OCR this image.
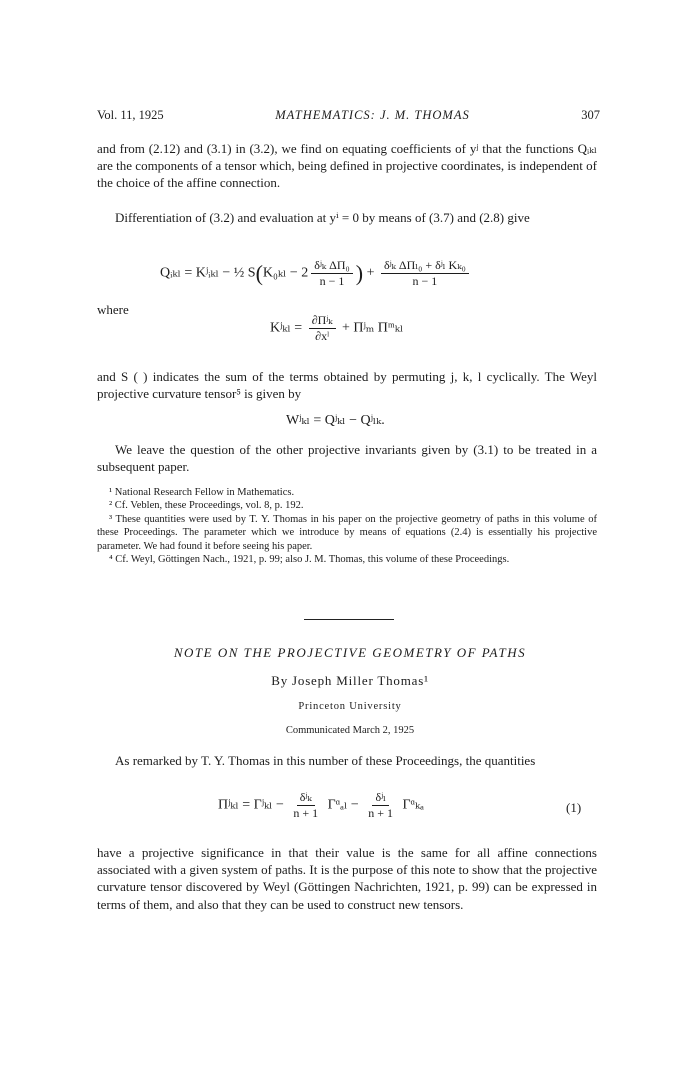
Vol. 11, 1925	MATHEMATICS: J. M. THOMAS	307

and from (2.12) and (3.1) in (3.2), we find on equating coefficients of yʲ that the functions Qᵢₖₗ are the components of a tensor which, being defined in projective coordinates, is independent of the choice of the affine connection.

Differentiation of (3.2) and evaluation at yⁱ = 0 by means of (3.7) and (2.8) give

Qᵢₖₗ = Kʲᵢₖₗ − ½ $S(K_{0kl} - 2 \frac{\text{δʲₖ ΔΠ₀}}{n - 1}$ ) + $\frac{\text{δʲₖ ΔΠₗ₀ + δʲₗ Kₖ₀}}{n - 1}$

where

Kʲₖₗ = $\frac{\text{∂Πʲₖ}}{\text{∂xˡ}}$ + Πʲₘ Πᵐₖₗ

and S ( ) indicates the sum of the terms obtained by permuting j, k, l cyclically. The Weyl projective curvature tensor⁵ is given by

Wʲₖₗ = Qʲₖₗ − Qʲₗₖ.

We leave the question of the other projective invariants given by (3.1) to be treated in a subsequent paper.

¹ National Research Fellow in Mathematics.

² Cf. Veblen, these Proceedings, vol. 8, p. 192.

³ These quantities were used by T. Y. Thomas in his paper on the projective geometry of paths in this volume of these Proceedings. The parameter which we introduce by means of equations (2.4) is essentially his projective parameter. We had found it before seeing his paper.

⁴ Cf. Weyl, Göttingen Nach., 1921, p. 99; also J. M. Thomas, this volume of these Proceedings.

NOTE ON THE PROJECTIVE GEOMETRY OF PATHS
By Joseph Miller Thomas¹
Princeton University
Communicated March 2, 1925

As remarked by T. Y. Thomas in this number of these Proceedings, the quantities

Πʲₖₗ = Γʲₖₗ − $\frac{\text{δʲₖ}}{n + 1}$ Γᵅₐₗ − $\frac{\text{δʲₗ}}{n + 1}$ Γᵅₖₐ	(1)

have a projective significance in that their value is the same for all affine connections associated with a given system of paths. It is the purpose of this note to show that the projective curvature tensor discovered by Weyl (Göttingen Nachrichten, 1921, p. 99) can be expressed in terms of them, and also that they can be used to construct new tensors.
